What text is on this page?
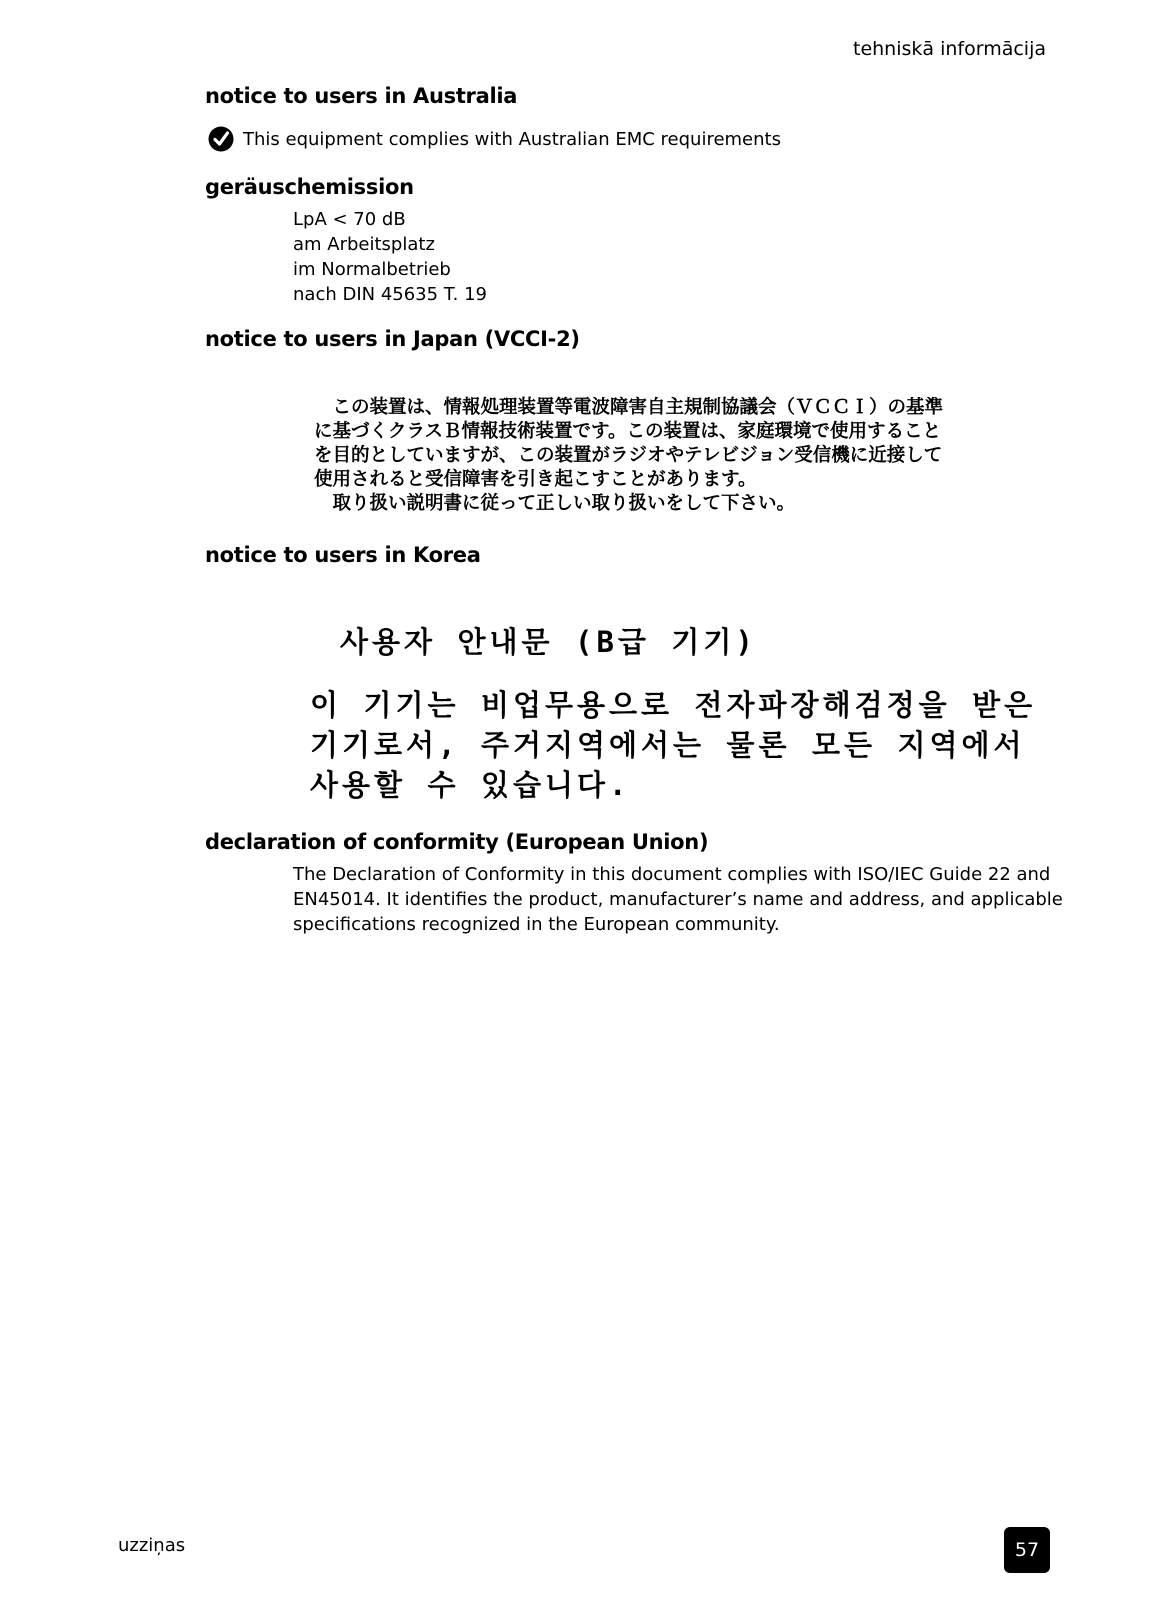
tehniskā informācija
notice to users in Australia
This equipment complies with Australian EMC requirements
geräuschemission
LpA < 70 dB
am Arbeitsplatz
im Normalbetrieb
nach DIN 45635 T. 19
notice to users in Japan (VCCI-2)
　この装置は、情報処理装置等電波障害自主規制協議会（ＶＣＣＩ）の基準
に基づくクラスＢ情報技術装置です。この装置は、家庭環境で使用すること
を目的としていますが、この装置がラジオやテレビジョン受信機に近接して
使用されると受信障害を引き起こすことがあります。
　取り扱い説明書に従って正しい取り扱いをして下さい。
notice to users in Korea
사용자 안내문 (B급 기기)
이 기기는 비업무용으로 전자파장해검정을 받은
기기로서, 주거지역에서는 물론 모든 지역에서
사용할 수 있습니다.
declaration of conformity (European Union)
The Declaration of Conformity in this document complies with ISO/IEC Guide 22 and
EN45014. It identifies the product, manufacturer’s name and address, and applicable
specifications recognized in the European community.
uzziņas	57
